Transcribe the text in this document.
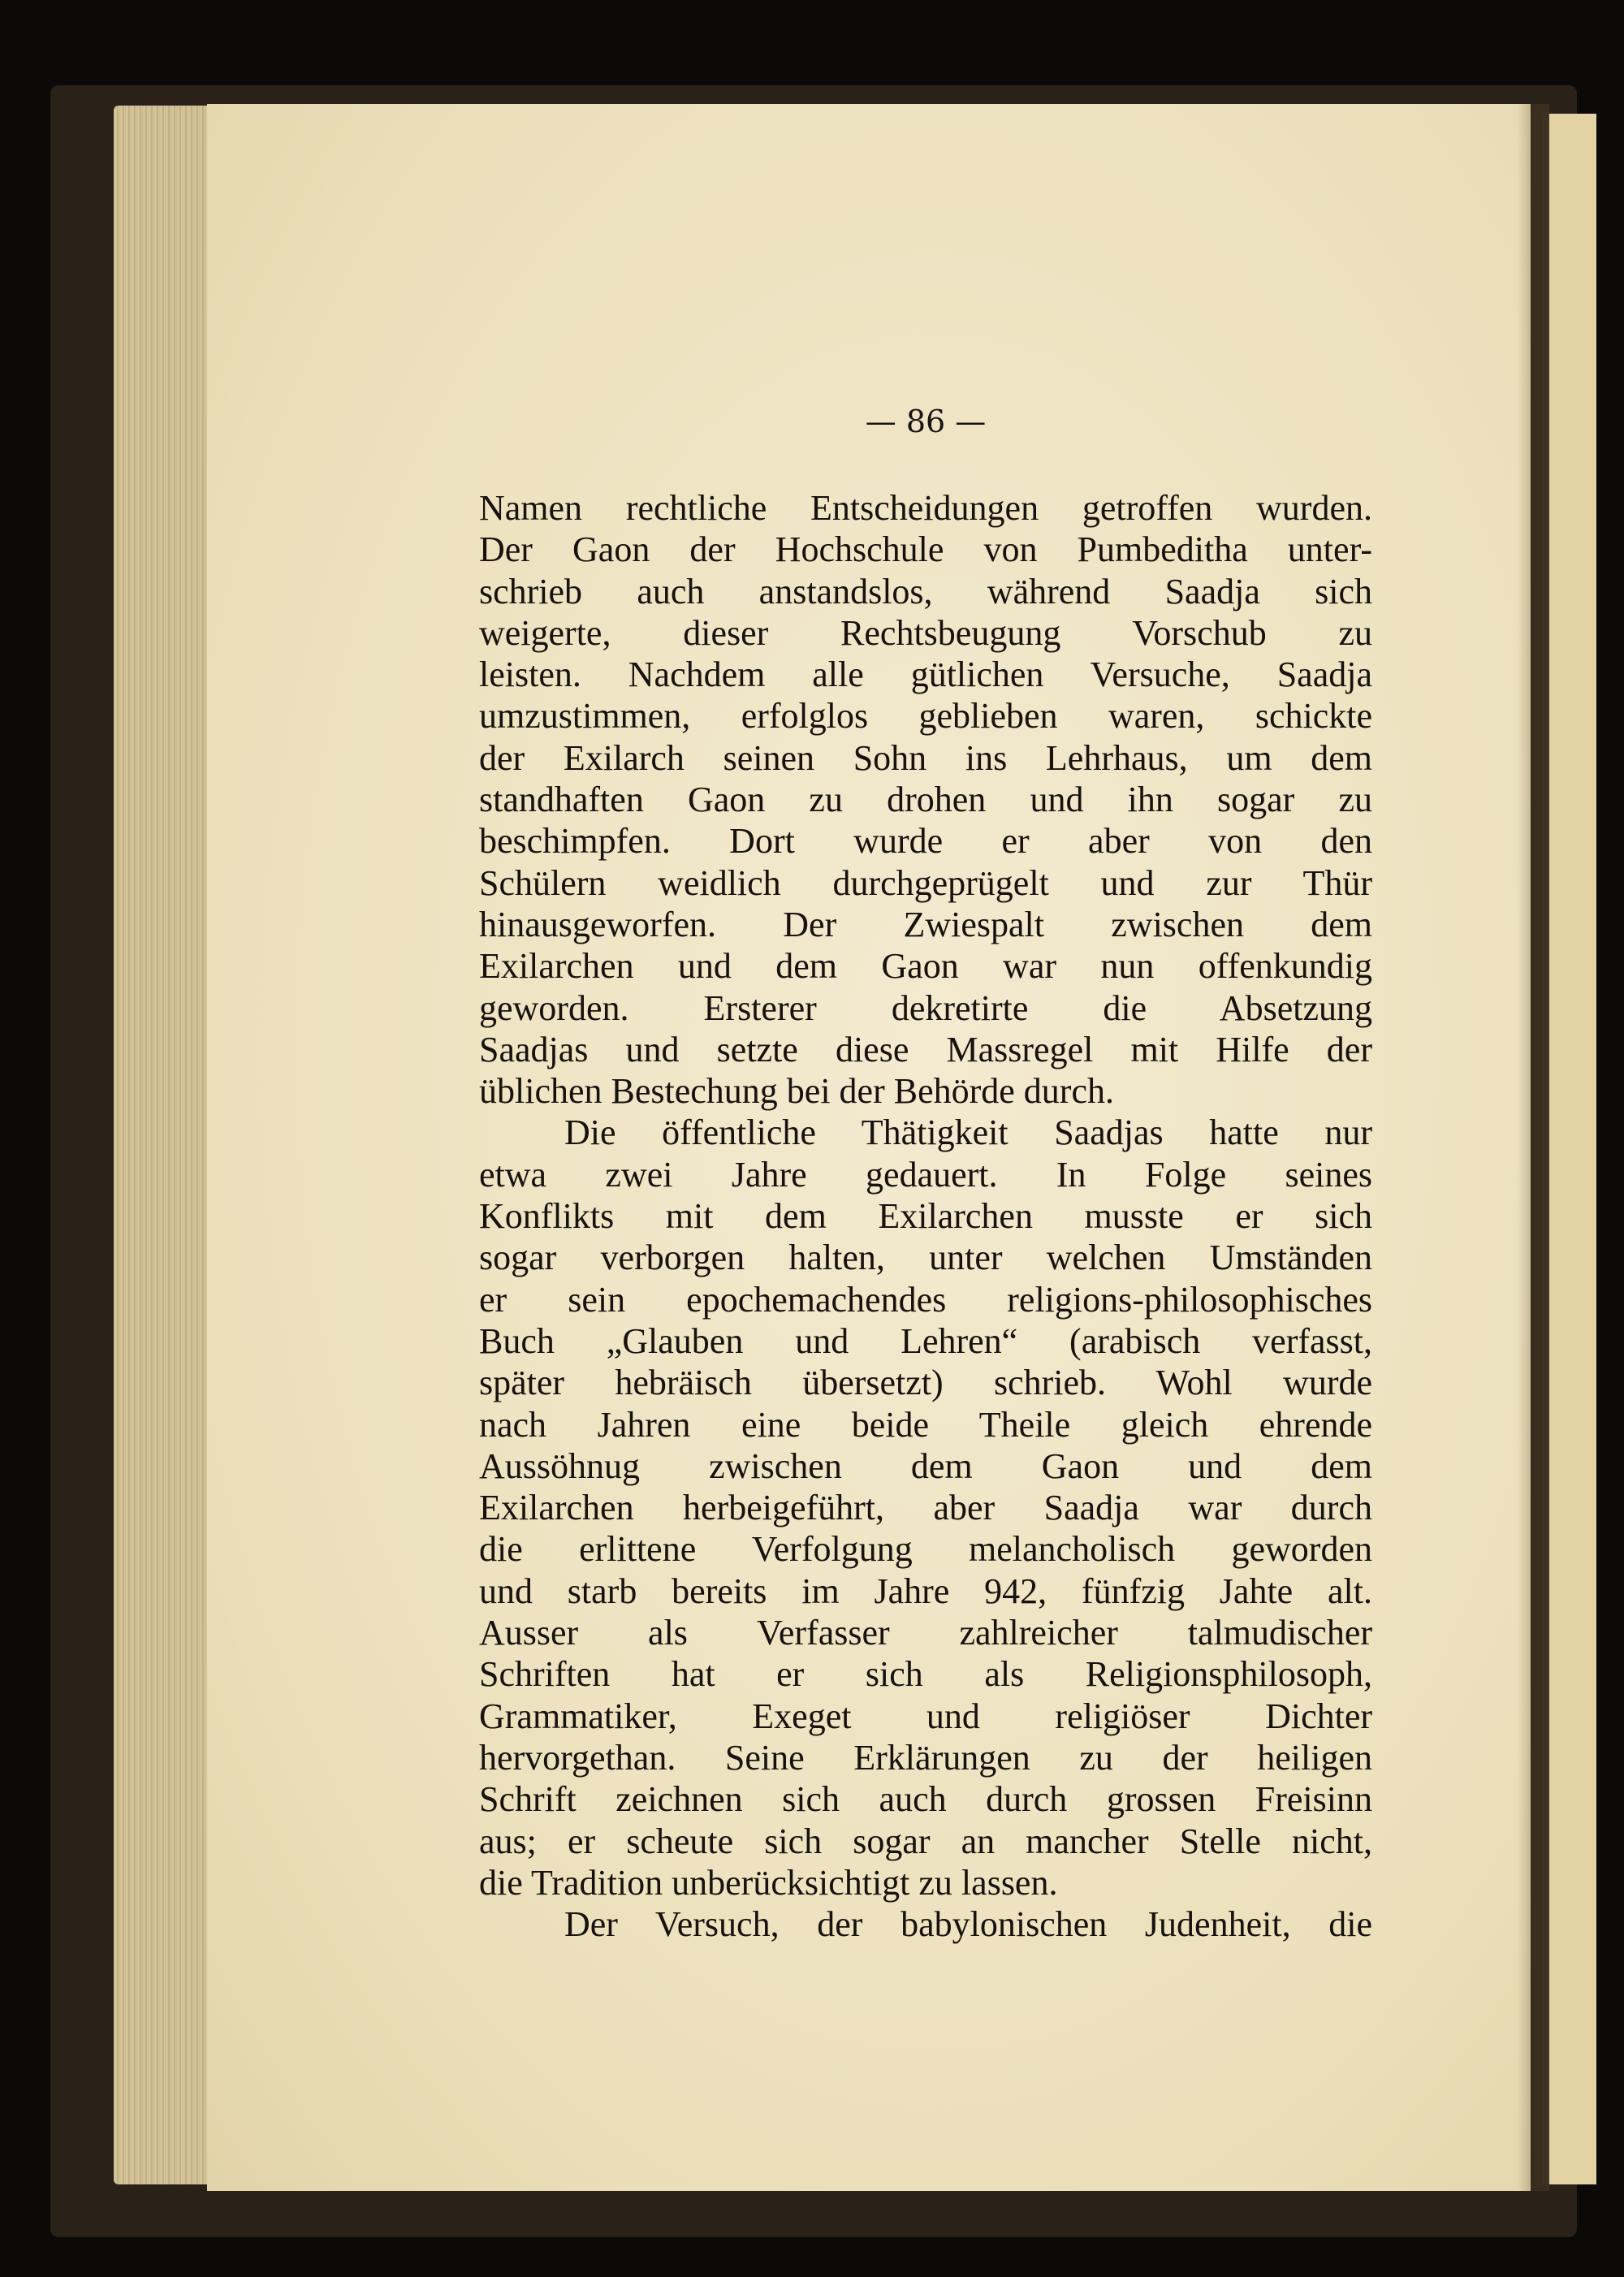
— 86 —
Namen rechtliche Entscheidungen getroffen wurden.
Der Gaon der Hochschule von Pumbeditha unter-
schrieb auch anstandslos, während Saadja sich
weigerte, dieser Rechtsbeugung Vorschub zu
leisten. Nachdem alle gütlichen Versuche, Saadja
umzustimmen, erfolglos geblieben waren, schickte
der Exilarch seinen Sohn ins Lehrhaus, um dem
standhaften Gaon zu drohen und ihn sogar zu
beschimpfen. Dort wurde er aber von den
Schülern weidlich durchgeprügelt und zur Thür
hinausgeworfen. Der Zwiespalt zwischen dem
Exilarchen und dem Gaon war nun offenkundig
geworden. Ersterer dekretirte die Absetzung
Saadjas und setzte diese Massregel mit Hilfe der
üblichen Bestechung bei der Behörde durch.
Die öffentliche Thätigkeit Saadjas hatte nur
etwa zwei Jahre gedauert. In Folge seines
Konflikts mit dem Exilarchen musste er sich
sogar verborgen halten, unter welchen Umständen
er sein epochemachendes religions-philosophisches
Buch „Glauben und Lehren“ (arabisch verfasst,
später hebräisch übersetzt) schrieb. Wohl wurde
nach Jahren eine beide Theile gleich ehrende
Aussöhnug zwischen dem Gaon und dem
Exilarchen herbeigeführt, aber Saadja war durch
die erlittene Verfolgung melancholisch geworden
und starb bereits im Jahre 942, fünfzig Jahte alt.
Ausser als Verfasser zahlreicher talmudischer
Schriften hat er sich als Religionsphilosoph,
Grammatiker, Exeget und religiöser Dichter
hervorgethan. Seine Erklärungen zu der heiligen
Schrift zeichnen sich auch durch grossen Freisinn
aus; er scheute sich sogar an mancher Stelle nicht,
die Tradition unberücksichtigt zu lassen.
Der Versuch, der babylonischen Judenheit, die
